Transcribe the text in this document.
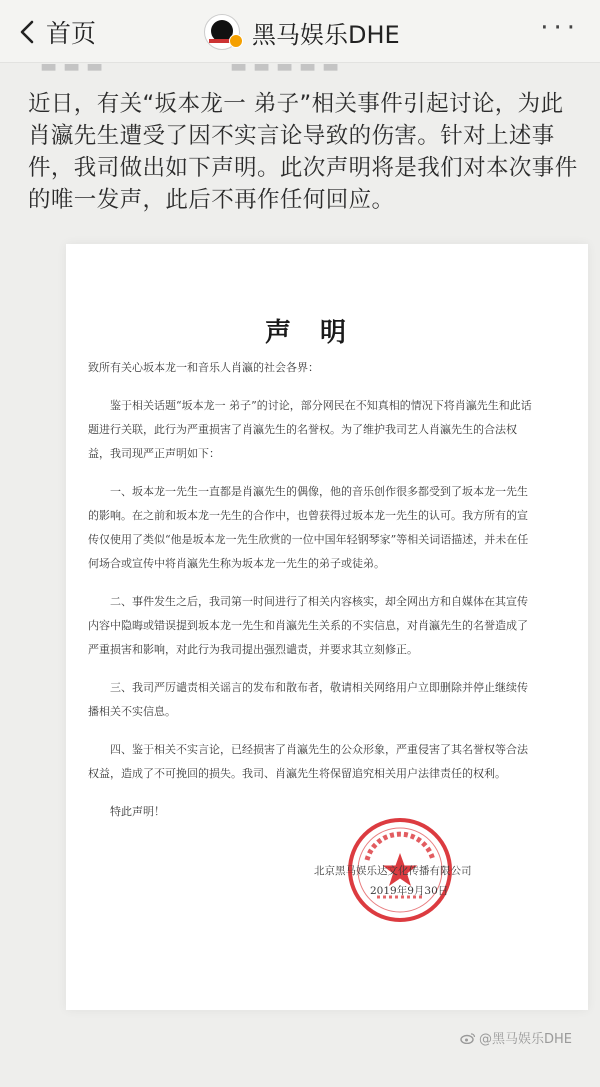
首页	黑马娱乐DHE	···
▬▬▬	▬▬▬▬▬
近日，有关“坂本龙一 弟子”相关事件引起讨论，为此肖瀛先生遭受了因不实言论导致的伤害。针对上述事件，我司做出如下声明。此次声明将是我们对本次事件的唯一发声，此后不再作任何回应。
声 明

致所有关心坂本龙一和音乐人肖瀛的社会各界：

鉴于相关话题“坂本龙一 弟子”的讨论，部分网民在不知真相的情况下将肖瀛先生和此话题进行关联，此行为严重损害了肖瀛先生的名誉权。为了维护我司艺人肖瀛先生的合法权益，我司现严正声明如下：

一、坂本龙一先生一直都是肖瀛先生的偶像，他的音乐创作很多都受到了坂本龙一先生的影响。在之前和坂本龙一先生的合作中，也曾获得过坂本龙一先生的认可。我方所有的宣传仅使用了类似“他是坂本龙一先生欣赏的一位中国年轻钢琴家”等相关词语描述，并未在任何场合或宣传中将肖瀛先生称为坂本龙一先生的弟子或徒弟。

二、事件发生之后，我司第一时间进行了相关内容核实，却全网出方和自媒体在其宣传内容中隐晦或错误提到坂本龙一先生和肖瀛先生关系的不实信息，对肖瀛先生的名誉造成了严重损害和影响，对此行为我司提出强烈谴责，并要求其立刻修正。

三、我司严厉谴责相关谣言的发布和散布者，敬请相关网络用户立即删除并停止继续传播相关不实信息。

四、鉴于相关不实言论，已经损害了肖瀛先生的公众形象，严重侵害了其名誉权等合法权益，造成了不可挽回的损失。我司、肖瀛先生将保留追究相关用户法律责任的权利。

特此声明！

北京黑马娱乐达文化传播有限公司
2019年9月30日
@黑马娱乐DHE
